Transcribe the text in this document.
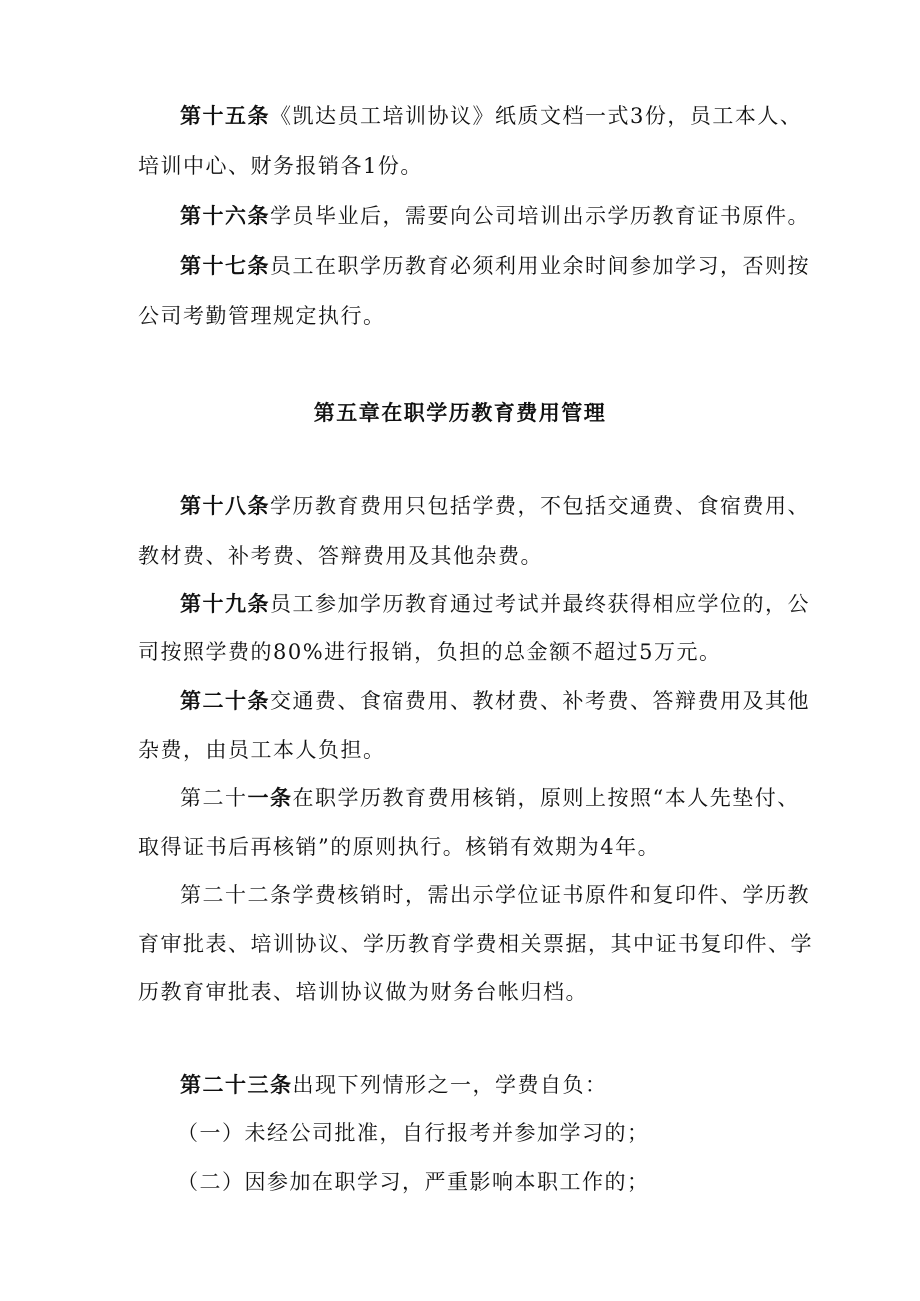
第十五条《凯达员工培训协议》纸质文档一式3份，员工本人、
培训中心、财务报销各1份。
第十六条学员毕业后，需要向公司培训出示学历教育证书原件。
第十七条员工在职学历教育必须利用业余时间参加学习，否则按
公司考勤管理规定执行。
第五章在职学历教育费用管理
第十八条学历教育费用只包括学费，不包括交通费、食宿费用、
教材费、补考费、答辩费用及其他杂费。
第十九条员工参加学历教育通过考试并最终获得相应学位的，公
司按照学费的80%进行报销，负担的总金额不超过5万元。
第二十条交通费、食宿费用、教材费、补考费、答辩费用及其他
杂费，由员工本人负担。
第二十一条在职学历教育费用核销，原则上按照“本人先垫付、
取得证书后再核销”的原则执行。核销有效期为4年。
第二十二条学费核销时，需出示学位证书原件和复印件、学历教
育审批表、培训协议、学历教育学费相关票据，其中证书复印件、学
历教育审批表、培训协议做为财务台帐归档。
第二十三条出现下列情形之一，学费自负：
（一）未经公司批准，自行报考并参加学习的；
（二）因参加在职学习，严重影响本职工作的；
